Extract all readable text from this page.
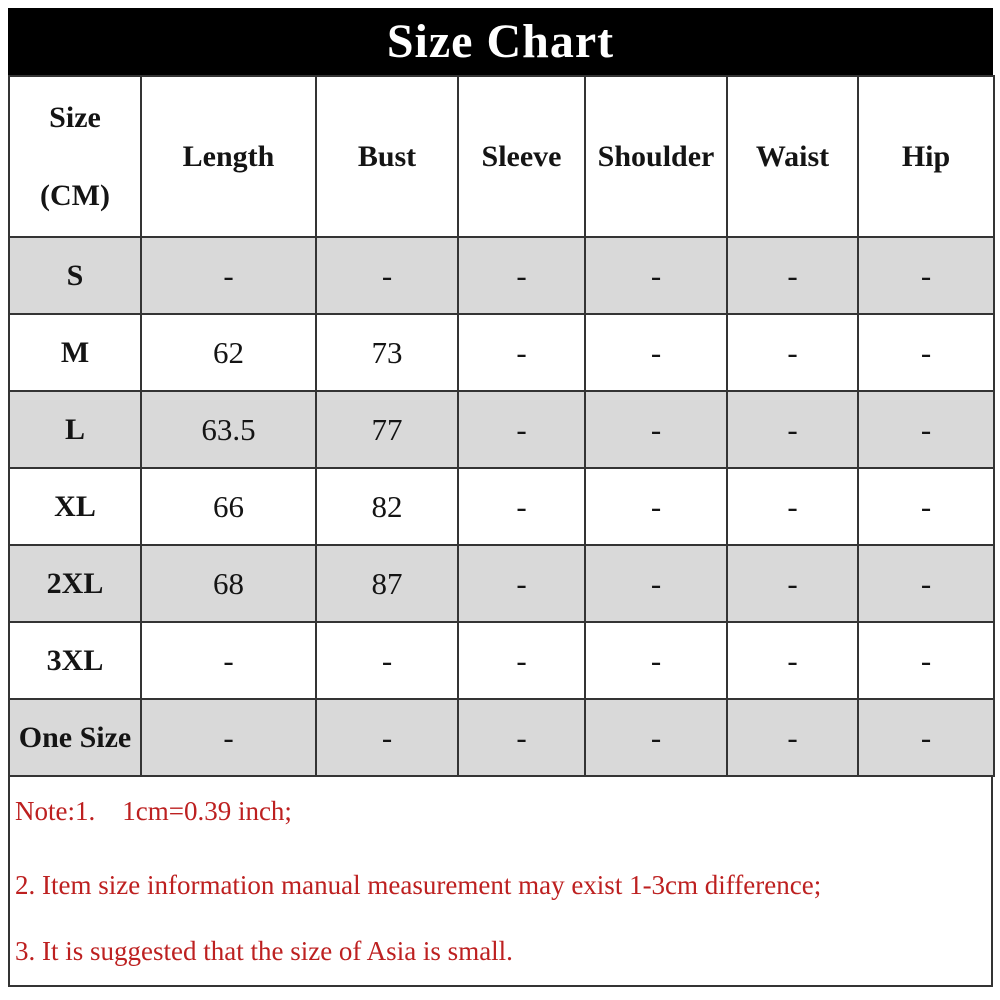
Size Chart
Size
(CM)	Length	Bust	Sleeve	Shoulder	Waist	Hip
S	-	-	-	-	-	-
M	62	73	-	-	-	-
L	63.5	77	-	-	-	-
XL	66	82	-	-	-	-
2XL	68	87	-	-	-	-
3XL	-	-	-	-	-	-
One Size	-	-	-	-	-	-

Note:1.    1cm=0.39 inch;

2. Item size information manual measurement may exist 1-3cm difference;

3. It is suggested that the size of Asia is small.
